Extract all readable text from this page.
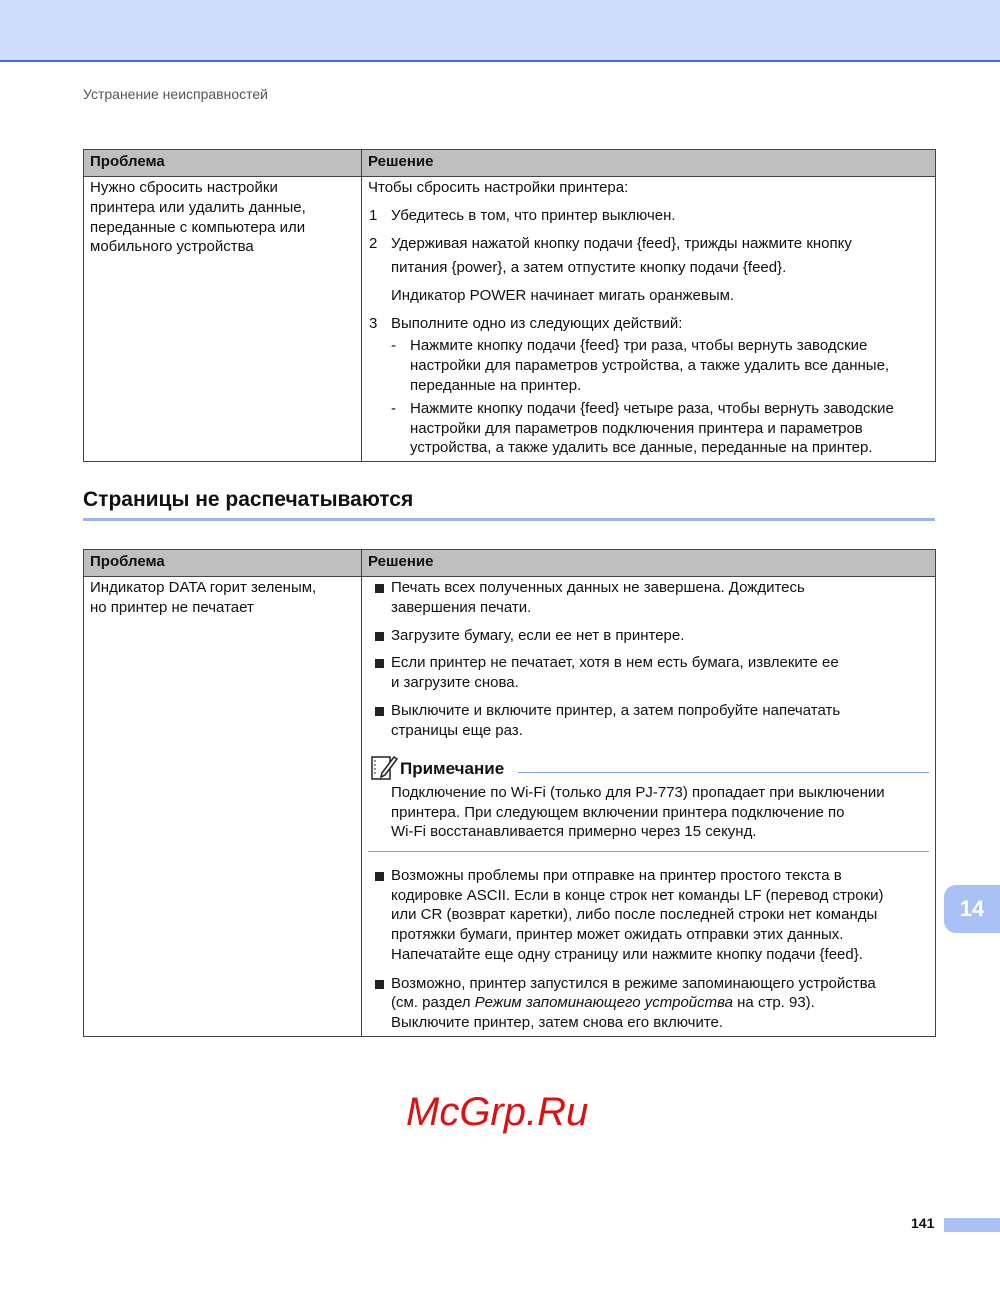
Устранение неисправностей
Проблема	Решение
Нужно сбросить настройки
принтера или удалить данные,
переданные с компьютера или
мобильного устройства
Чтобы сбросить настройки принтера:
1 Убедитесь в том, что принтер выключен.
2 Удерживая нажатой кнопку подачи {feed}, трижды нажмите кнопку
питания {power}, а затем отпустите кнопку подачи {feed}.
Индикатор POWER начинает мигать оранжевым.
3 Выполните одно из следующих действий:
- Нажмите кнопку подачи {feed} три раза, чтобы вернуть заводские
настройки для параметров устройства, а также удалить все данные,
переданные на принтер.
- Нажмите кнопку подачи {feed} четыре раза, чтобы вернуть заводские
настройки для параметров подключения принтера и параметров
устройства, а также удалить все данные, переданные на принтер.
Страницы не распечатываются
Проблема	Решение
Примечание
Индикатор DATA горит зеленым,
но принтер не печатает
Печать всех полученных данных не завершена. Дождитесь
завершения печати.
Загрузите бумагу, если ее нет в принтере.
Если принтер не печатает, хотя в нем есть бумага, извлеките ее
и загрузите снова.
Выключите и включите принтер, а затем попробуйте напечатать
страницы еще раз.
Подключение по Wi-Fi (только для PJ-773) пропадает при выключении
принтера. При следующем включении принтера подключение по
Wi-Fi восстанавливается примерно через 15 секунд.
Возможны проблемы при отправке на принтер простого текста в
кодировке ASCII. Если в конце строк нет команды LF (перевод строки)
или CR (возврат каретки), либо после последней строки нет команды
протяжки бумаги, принтер может ожидать отправки этих данных.
Напечатайте еще одну страницу или нажмите кнопку подачи {feed}.
Возможно, принтер запустился в режиме запоминающего устройства
(см. раздел Режим запоминающего устройства на стр. 93).
Выключите принтер, затем снова его включите.
McGrp.Ru
14
141
